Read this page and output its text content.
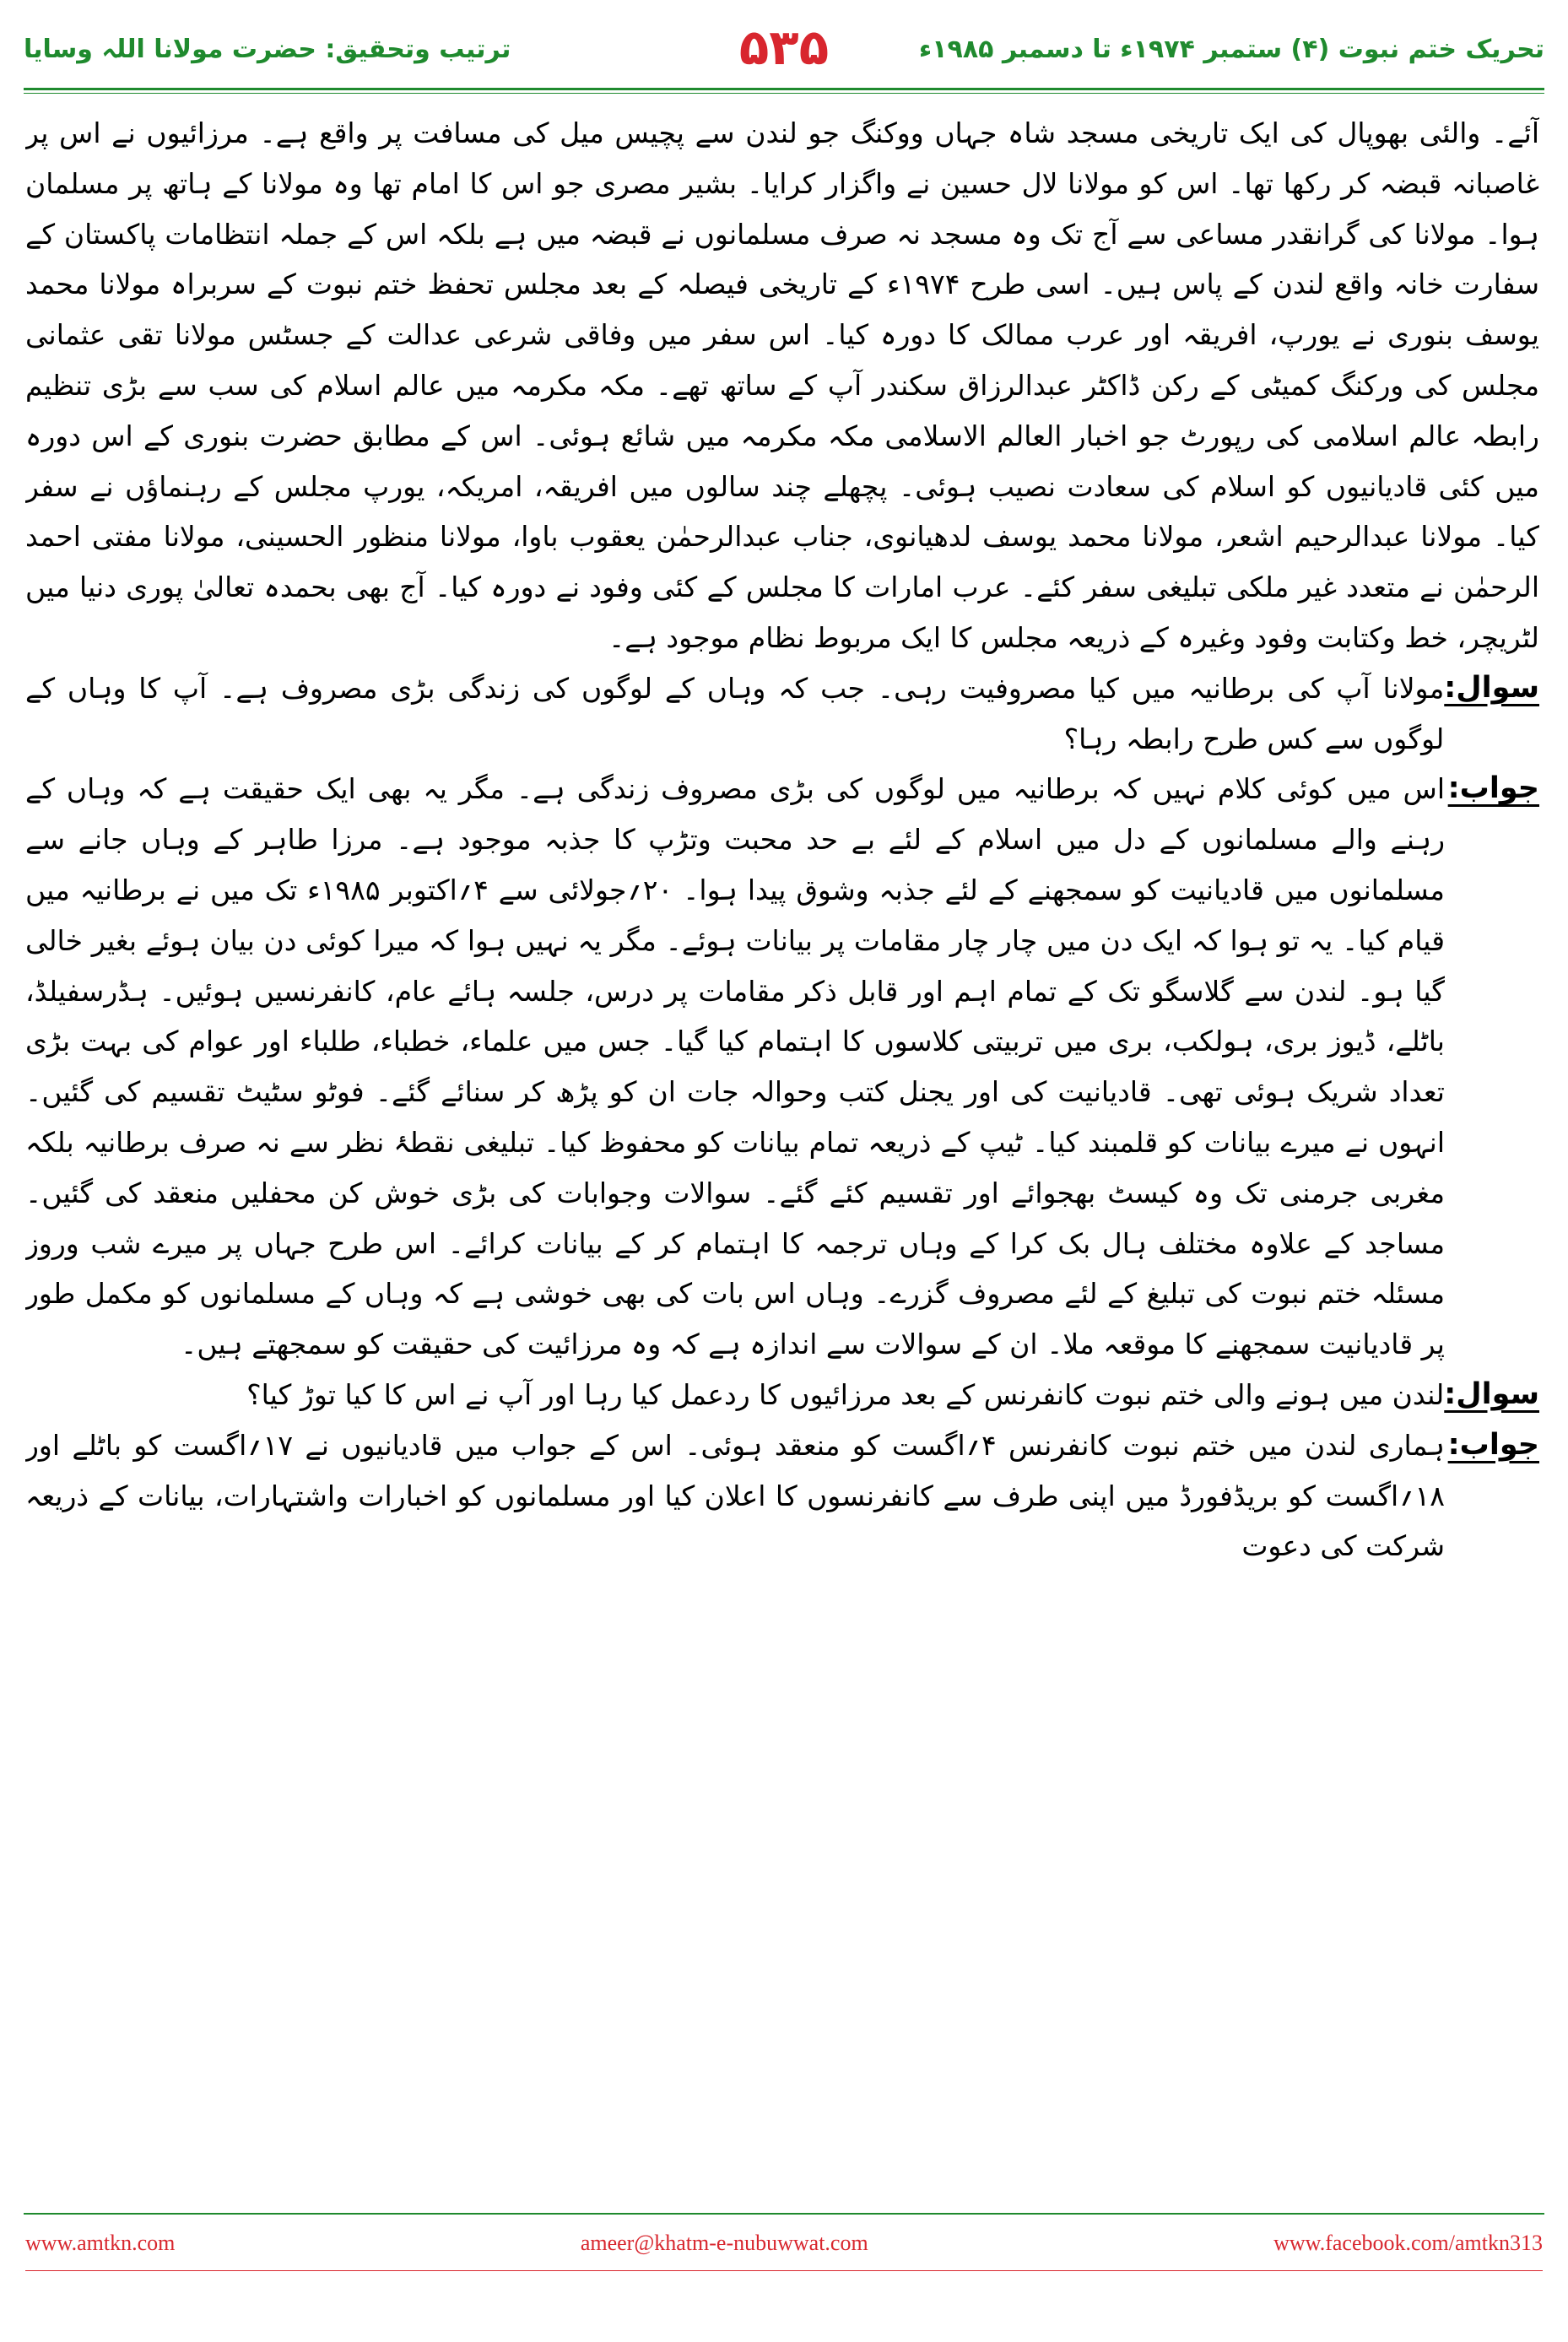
ترتیب وتحقیق: حضرت مولانا اللہ وسایا	۵۳۵	تحریک ختم نبوت (۴) ستمبر ۱۹۷۴ء تا دسمبر ۱۹۸۵ء

آئے۔ والئی بھوپال کی ایک تاریخی مسجد شاہ جہاں ووکنگ جو لندن سے پچیس میل کی مسافت پر واقع ہے۔ مرزائیوں نے اس پر غاصبانہ قبضہ کر رکھا تھا۔ اس کو مولانا لال حسین نے واگزار کرایا۔ بشیر مصری جو اس کا امام تھا وہ مولانا کے ہاتھ پر مسلمان ہوا۔ مولانا کی گرانقدر مساعی سے آج تک وہ مسجد نہ صرف مسلمانوں نے قبضہ میں ہے بلکہ اس کے جملہ انتظامات پاکستان کے سفارت خانہ واقع لندن کے پاس ہیں۔ اسی طرح ۱۹۷۴ء کے تاریخی فیصلہ کے بعد مجلس تحفظ ختم نبوت کے سربراہ مولانا محمد یوسف بنوری نے یورپ، افریقہ اور عرب ممالک کا دورہ کیا۔ اس سفر میں وفاقی شرعی عدالت کے جسٹس مولانا تقی عثمانی مجلس کی ورکنگ کمیٹی کے رکن ڈاکٹر عبدالرزاق سکندر آپ کے ساتھ تھے۔ مکہ مکرمہ میں عالم اسلام کی سب سے بڑی تنظیم رابطہ عالم اسلامی کی رپورٹ جو اخبار العالم الاسلامی مکہ مکرمہ میں شائع ہوئی۔ اس کے مطابق حضرت بنوری کے اس دورہ میں کئی قادیانیوں کو اسلام کی سعادت نصیب ہوئی۔ پچھلے چند سالوں میں افریقہ، امریکہ، یورپ مجلس کے رہنماؤں نے سفر کیا۔ مولانا عبدالرحیم اشعر، مولانا محمد یوسف لدھیانوی، جناب عبدالرحمٰن یعقوب باوا، مولانا منظور الحسینی، مولانا مفتی احمد الرحمٰن نے متعدد غیر ملکی تبلیغی سفر کئے۔ عرب امارات کا مجلس کے کئی وفود نے دورہ کیا۔ آج بھی بحمدہ تعالیٰ پوری دنیا میں لٹریچر، خط وکتابت وفود وغیرہ کے ذریعہ مجلس کا ایک مربوط نظام موجود ہے۔

سوال:

مولانا آپ کی برطانیہ میں کیا مصروفیت رہی۔ جب کہ وہاں کے لوگوں کی زندگی بڑی مصروف ہے۔ آپ کا وہاں کے لوگوں سے کس طرح رابطہ رہا؟

جواب:

اس میں کوئی کلام نہیں کہ برطانیہ میں لوگوں کی بڑی مصروف زندگی ہے۔ مگر یہ بھی ایک حقیقت ہے کہ وہاں کے رہنے والے مسلمانوں کے دل میں اسلام کے لئے بے حد محبت وتڑپ کا جذبہ موجود ہے۔ مرزا طاہر کے وہاں جانے سے مسلمانوں میں قادیانیت کو سمجھنے کے لئے جذبہ وشوق پیدا ہوا۔ ۲۰؍جولائی سے ۴؍اکتوبر ۱۹۸۵ء تک میں نے برطانیہ میں قیام کیا۔ یہ تو ہوا کہ ایک دن میں چار چار مقامات پر بیانات ہوئے۔ مگر یہ نہیں ہوا کہ میرا کوئی دن بیان ہوئے بغیر خالی گیا ہو۔ لندن سے گلاسگو تک کے تمام اہم اور قابل ذکر مقامات پر درس، جلسہ ہائے عام، کانفرنسیں ہوئیں۔ ہڈرسفیلڈ، باٹلے، ڈیوز بری، ہولکب، بری میں تربیتی کلاسوں کا اہتمام کیا گیا۔ جس میں علماء، خطباء، طلباء اور عوام کی بہت بڑی تعداد شریک ہوئی تھی۔ قادیانیت کی اور یجنل کتب وحوالہ جات ان کو پڑھ کر سنائے گئے۔ فوٹو سٹیٹ تقسیم کی گئیں۔ انہوں نے میرے بیانات کو قلمبند کیا۔ ٹیپ کے ذریعہ تمام بیانات کو محفوظ کیا۔ تبلیغی نقطۂ نظر سے نہ صرف برطانیہ بلکہ مغربی جرمنی تک وہ کیسٹ بھجوائے اور تقسیم کئے گئے۔ سوالات وجوابات کی بڑی خوش کن محفلیں منعقد کی گئیں۔ مساجد کے علاوہ مختلف ہال بک کرا کے وہاں ترجمہ کا اہتمام کر کے بیانات کرائے۔ اس طرح جہاں پر میرے شب وروز مسئلہ ختم نبوت کی تبلیغ کے لئے مصروف گزرے۔ وہاں اس بات کی بھی خوشی ہے کہ وہاں کے مسلمانوں کو مکمل طور پر قادیانیت سمجھنے کا موقعہ ملا۔ ان کے سوالات سے اندازہ ہے کہ وہ مرزائیت کی حقیقت کو سمجھتے ہیں۔

سوال:

لندن میں ہونے والی ختم نبوت کانفرنس کے بعد مرزائیوں کا ردعمل کیا رہا اور آپ نے اس کا کیا توڑ کیا؟

جواب:

ہماری لندن میں ختم نبوت کانفرنس ۴؍اگست کو منعقد ہوئی۔ اس کے جواب میں قادیانیوں نے ۱۷؍اگست کو باٹلے اور ۱۸؍اگست کو بریڈفورڈ میں اپنی طرف سے کانفرنسوں کا اعلان کیا اور مسلمانوں کو اخبارات واشتہارات، بیانات کے ذریعہ شرکت کی دعوت

www.amtkn.com	ameer@khatm-e-nubuwwat.com	www.facebook.com/amtkn313
